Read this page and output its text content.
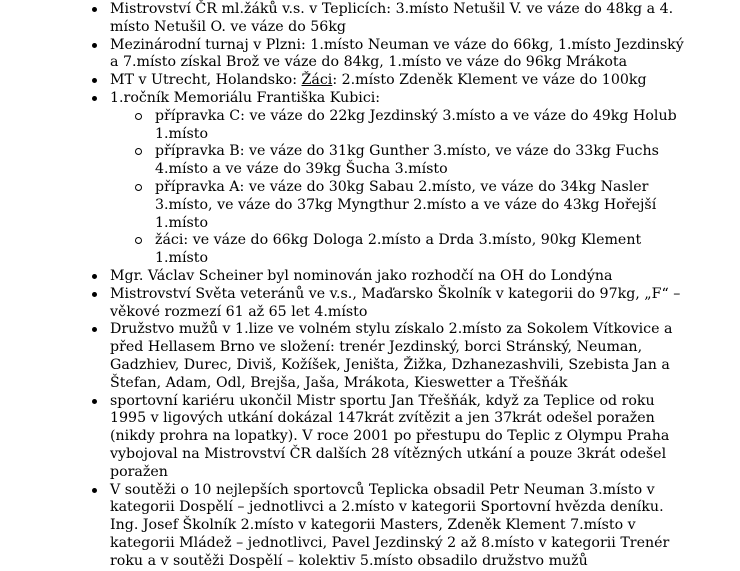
Mistrovství ČR ml.žáků v.s. v Teplicích: 3.místo Netušil V. ve váze do 48kg a 4. místo Netušil O. ve váze do 56kg
Mezinárodní turnaj v Plzni: 1.místo Neuman ve váze do 66kg, 1.místo Jezdinský a 7.místo získal Brož ve váze do 84kg, 1.místo ve váze do 96kg Mrákota
MT v Utrecht, Holandsko: Žáci: 2.místo Zdeněk Klement ve váze do 100kg
1.ročník Memoriálu Františka Kubici:
přípravka C: ve váze do 22kg Jezdinský 3.místo a ve váze do 49kg Holub 1.místo
přípravka B: ve váze do 31kg Gunther 3.místo, ve váze do 33kg Fuchs 4.místo a ve váze do 39kg Šucha 3.místo
přípravka A: ve váze do 30kg Sabau 2.místo, ve váze do 34kg Nasler 3.místo, ve váze do 37kg Myngthur 2.místo a ve váze do 43kg Hořejší 1.místo
žáci: ve váze do 66kg Dologa 2.místo a Drda 3.místo, 90kg Klement 1.místo
Mgr. Václav Scheiner byl nominován jako rozhodčí na OH do Londýna
Mistrovství Světa veteránů ve v.s., Maďarsko Školník v kategorii do 97kg, „F“ – věkové rozmezí 61 až 65 let 4.místo
Družstvo mužů v 1.lize ve volném stylu získalo 2.místo za Sokolem Vítkovice a před Hellasem Brno ve složení: trenér Jezdinský, borci Stránský, Neuman, Gadzhiev, Durec, Diviš, Kožíšek, Jeništa, Žižka, Dzhanezashvili, Szebista Jan a Štefan, Adam, Odl, Brejša, Jaša, Mrákota, Kieswetter a Třešňák
sportovní kariéru ukončil Mistr sportu Jan Třešňák, když za Teplice od roku 1995 v ligových utkání dokázal 147krát zvítězit a jen 37krát odešel poražen (nikdy prohra na lopatky). V roce 2001 po přestupu do Teplic z Olympu Praha vybojoval na Mistrovství ČR dalších 28 vítězných utkání a pouze 3krát odešel poražen
V soutěži o 10 nejlepších sportovců Teplicka obsadil Petr Neuman 3.místo v kategorii Dospělí – jednotlivci a 2.místo v kategorii Sportovní hvězda deníku. Ing. Josef Školník 2.místo v kategorii Masters, Zdeněk Klement 7.místo v kategorii Mládež – jednotlivci, Pavel Jezdinský 2 až 8.místo v kategorii Trenér roku a v soutěži Dospělí – kolektiv 5.místo obsadilo družstvo mužů
